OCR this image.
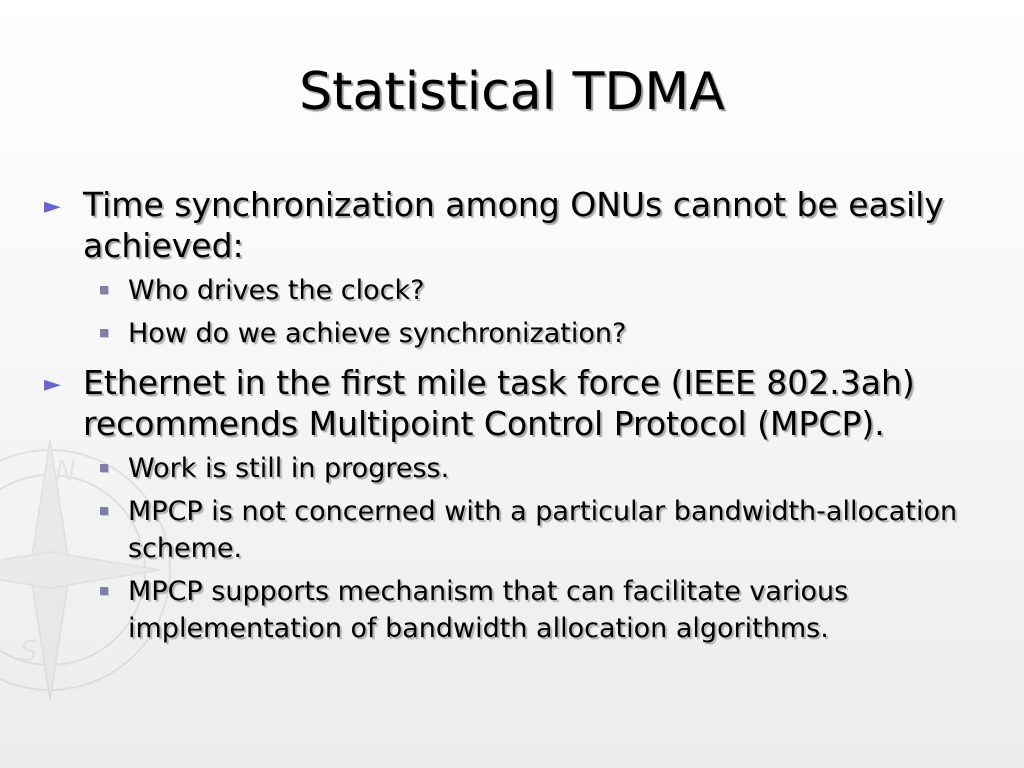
N
S
Statistical TDMA
► Time synchronization among ONUs cannot be easily achieved:
Who drives the clock?
How do we achieve synchronization?
► Ethernet in the first mile task force (IEEE 802.3ah) recommends Multipoint Control Protocol (MPCP).
Work is still in progress.
MPCP is not concerned with a particular bandwidth-allocation scheme.
MPCP supports mechanism that can facilitate various implementation of bandwidth allocation algorithms.
